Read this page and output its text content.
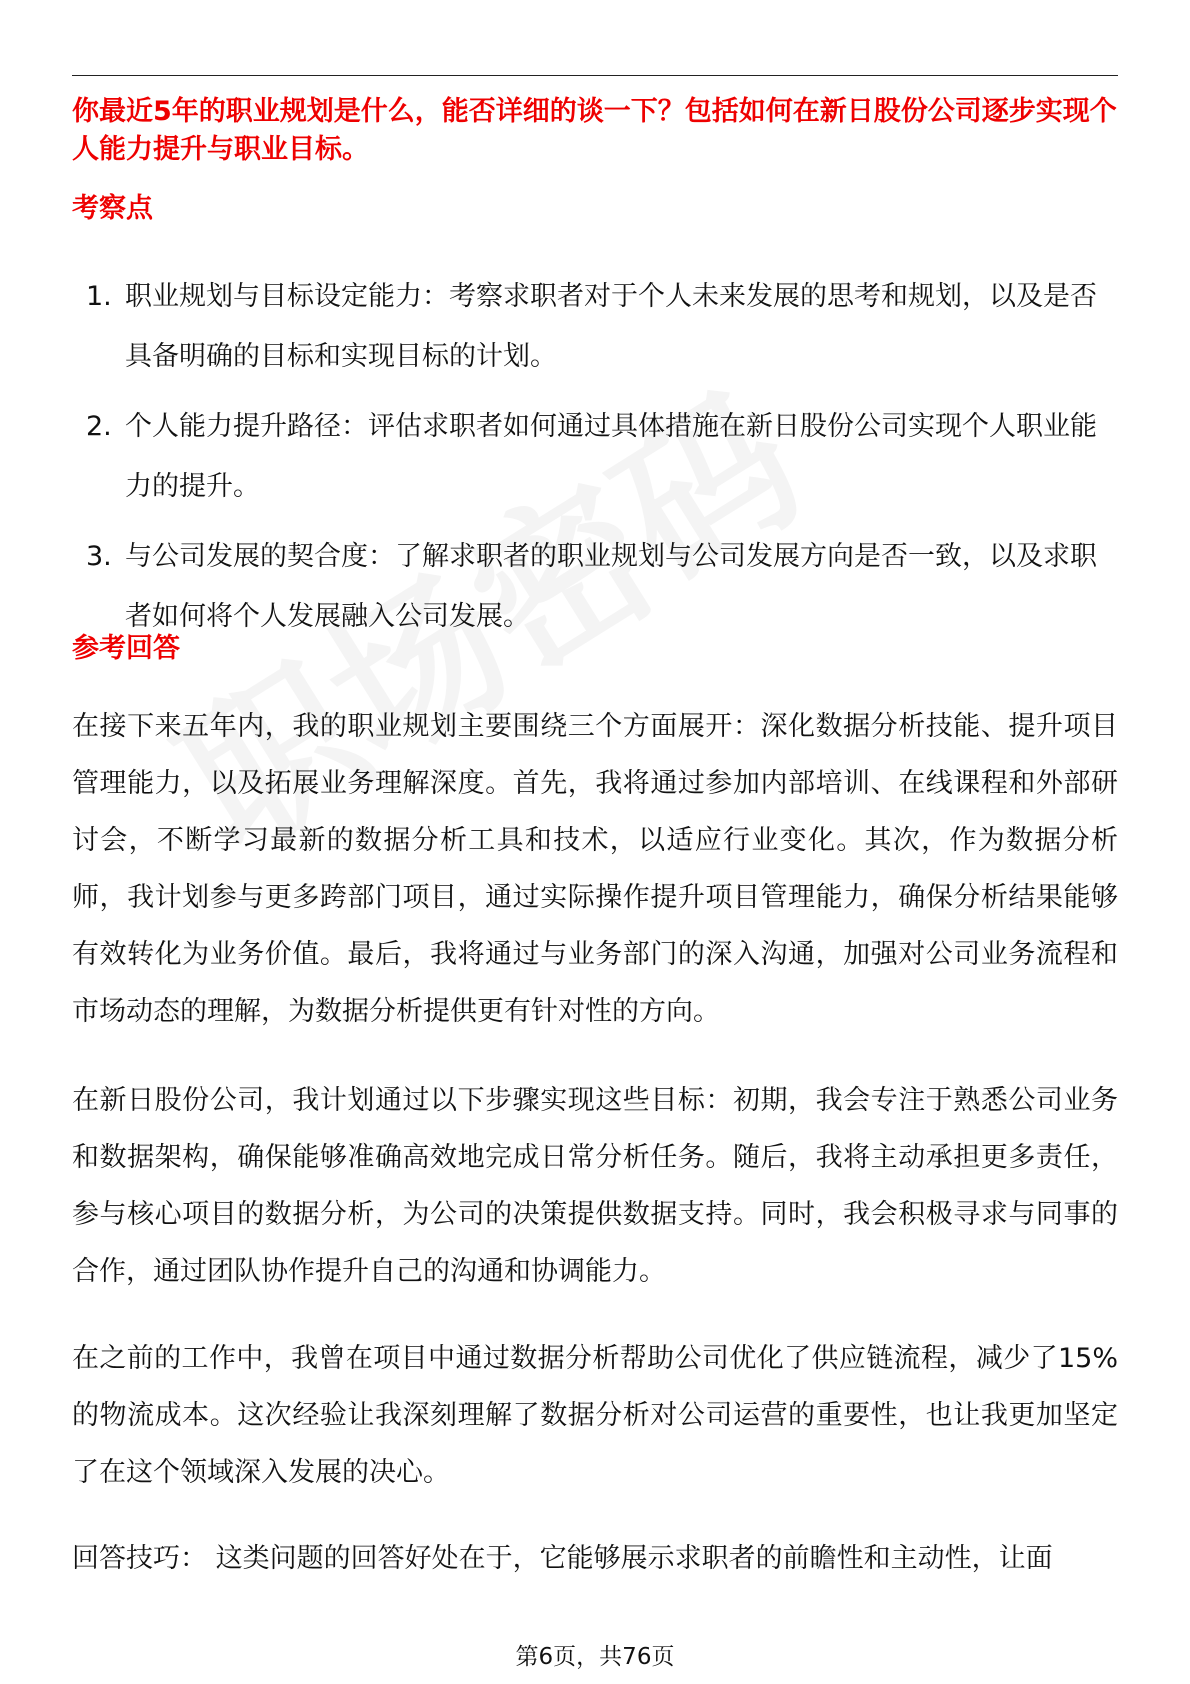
你最近5年的职业规划是什么，能否详细的谈一下？包括如何在新日股份公司逐步实现个人能力提升与职业目标。
考察点
1. 职业规划与目标设定能力：考察求职者对于个人未来发展的思考和规划，以及是否具备明确的目标和实现目标的计划。
2. 个人能力提升路径：评估求职者如何通过具体措施在新日股份公司实现个人职业能力的提升。
3. 与公司发展的契合度：了解求职者的职业规划与公司发展方向是否一致，以及求职者如何将个人发展融入公司发展。
参考回答

在接下来五年内，我的职业规划主要围绕三个方面展开：深化数据分析技能、提升项目管理能力，以及拓展业务理解深度。首先，我将通过参加内部培训、在线课程和外部研讨会，不断学习最新的数据分析工具和技术，以适应行业变化。其次，作为数据分析师，我计划参与更多跨部门项目，通过实际操作提升项目管理能力，确保分析结果能够有效转化为业务价值。最后，我将通过与业务部门的深入沟通，加强对公司业务流程和市场动态的理解，为数据分析提供更有针对性的方向。

在新日股份公司，我计划通过以下步骤实现这些目标：初期，我会专注于熟悉公司业务和数据架构，确保能够准确高效地完成日常分析任务。随后，我将主动承担更多责任，参与核心项目的数据分析，为公司的决策提供数据支持。同时，我会积极寻求与同事的合作，通过团队协作提升自己的沟通和协调能力。

在之前的工作中，我曾在项目中通过数据分析帮助公司优化了供应链流程，减少了15%的物流成本。这次经验让我深刻理解了数据分析对公司运营的重要性，也让我更加坚定了在这个领域深入发展的决心。

回答技巧： 这类问题的回答好处在于，它能够展示求职者的前瞻性和主动性，让面

第6页，共76页
